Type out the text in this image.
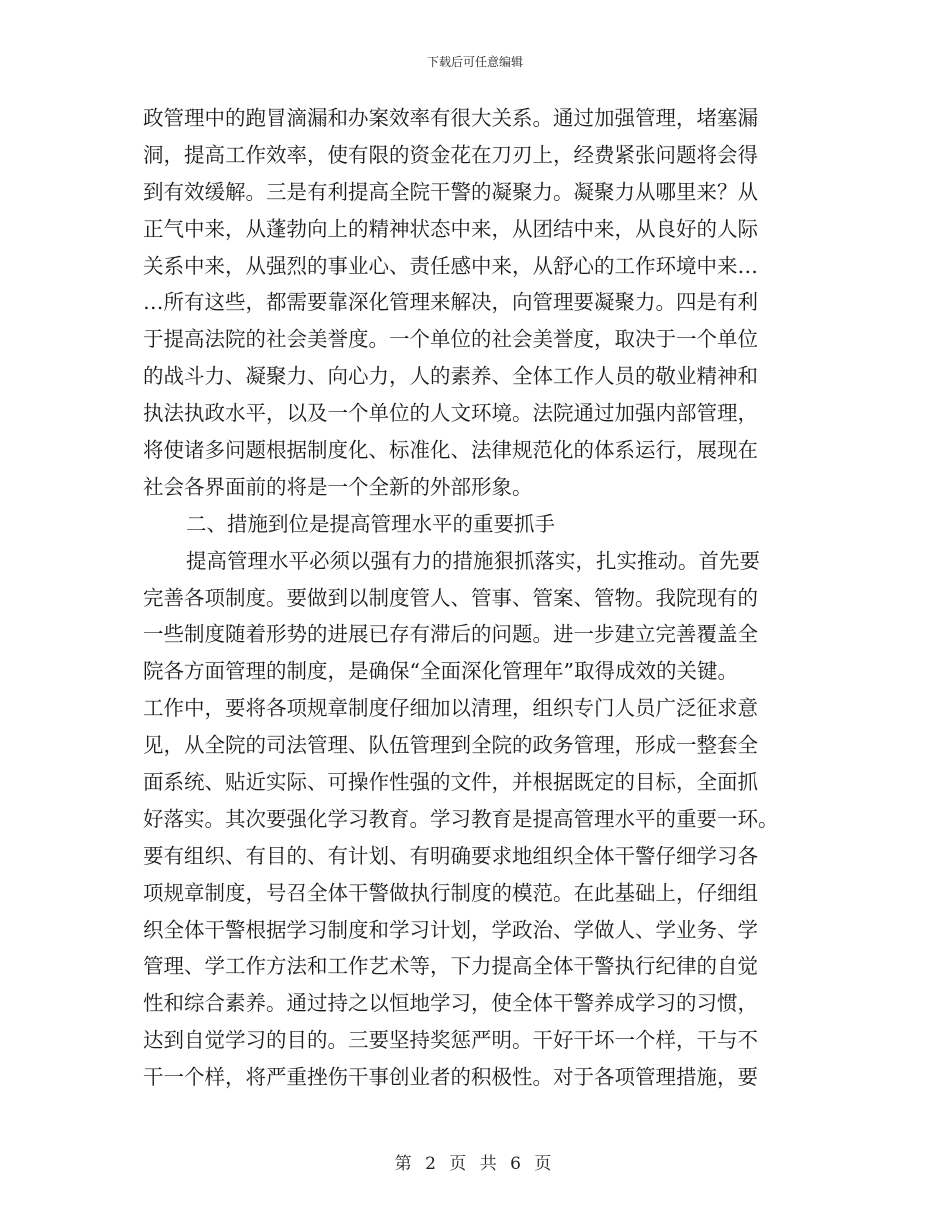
下载后可任意编辑
政管理中的跑冒滴漏和办案效率有很大关系。通过加强管理，堵塞漏
洞，提高工作效率，使有限的资金花在刀刃上，经费紧张问题将会得
到有效缓解。三是有利提高全院干警的凝聚力。凝聚力从哪里来？从
正气中来，从蓬勃向上的精神状态中来，从团结中来，从良好的人际
关系中来，从强烈的事业心、责任感中来，从舒心的工作环境中来…
…所有这些，都需要靠深化管理来解决，向管理要凝聚力。四是有利
于提高法院的社会美誉度。一个单位的社会美誉度，取决于一个单位
的战斗力、凝聚力、向心力，人的素养、全体工作人员的敬业精神和
执法执政水平，以及一个单位的人文环境。法院通过加强内部管理，
将使诸多问题根据制度化、标准化、法律规范化的体系运行，展现在
社会各界面前的将是一个全新的外部形象。
二、措施到位是提高管理水平的重要抓手
提高管理水平必须以强有力的措施狠抓落实，扎实推动。首先要
完善各项制度。要做到以制度管人、管事、管案、管物。我院现有的
一些制度随着形势的进展已存有滞后的问题。进一步建立完善覆盖全
院各方面管理的制度，是确保“全面深化管理年”取得成效的关键。
工作中，要将各项规章制度仔细加以清理，组织专门人员广泛征求意
见，从全院的司法管理、队伍管理到全院的政务管理，形成一整套全
面系统、贴近实际、可操作性强的文件，并根据既定的目标，全面抓
好落实。其次要强化学习教育。学习教育是提高管理水平的重要一环。
要有组织、有目的、有计划、有明确要求地组织全体干警仔细学习各
项规章制度，号召全体干警做执行制度的模范。在此基础上，仔细组
织全体干警根据学习制度和学习计划，学政治、学做人、学业务、学
管理、学工作方法和工作艺术等，下力提高全体干警执行纪律的自觉
性和综合素养。通过持之以恒地学习，使全体干警养成学习的习惯，
达到自觉学习的目的。三要坚持奖惩严明。干好干坏一个样，干与不
干一个样，将严重挫伤干事创业者的积极性。对于各项管理措施，要
第 2 页 共 6 页
